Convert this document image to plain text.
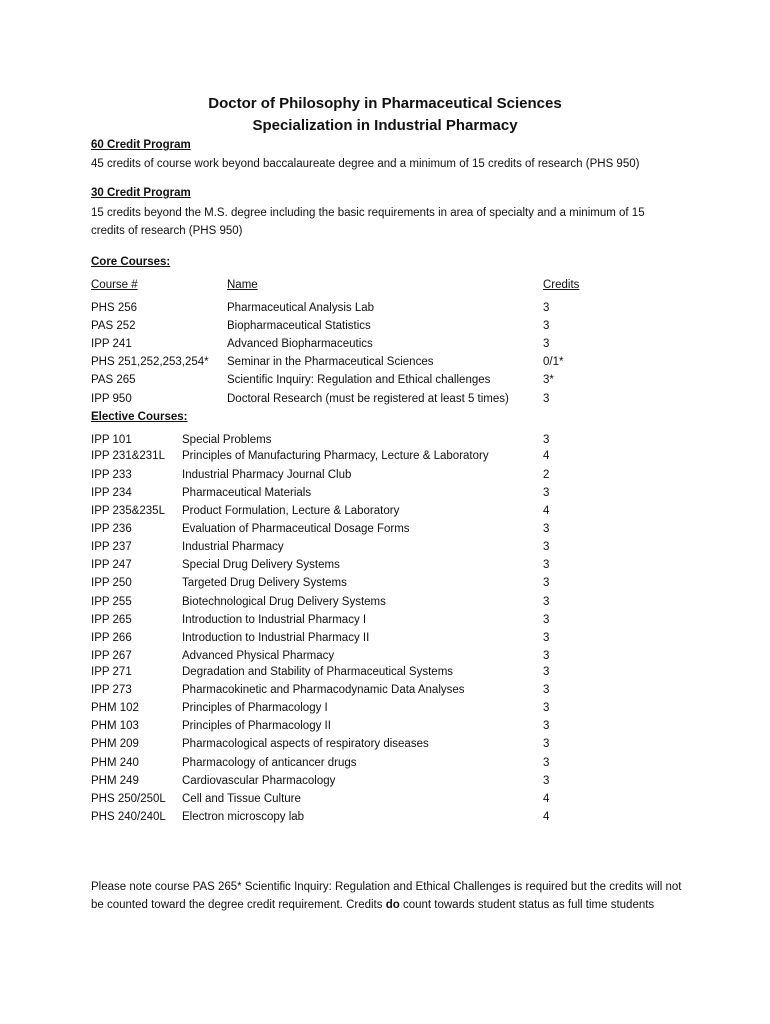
Doctor of Philosophy in Pharmaceutical Sciences
Specialization in Industrial Pharmacy
60 Credit Program
45 credits of course work beyond baccalaureate degree and a minimum of 15 credits of research (PHS 950)
30 Credit Program
15 credits beyond the M.S. degree including the basic requirements in area of specialty and a minimum of 15 credits of research (PHS 950)
Core Courses:
Course #	Name	Credits
PHS 256	Pharmaceutical Analysis Lab	3
PAS 252	Biopharmaceutical Statistics	3
IPP 241	Advanced Biopharmaceutics	3
PHS 251,252,253,254* Seminar in the Pharmaceutical Sciences	0/1*
PAS 265	Scientific Inquiry: Regulation and Ethical challenges	3*
IPP 950	Doctoral Research (must be registered at least 5 times)	3
Elective Courses:
IPP 101	Special Problems	3
IPP 231&231L Principles of Manufacturing Pharmacy, Lecture & Laboratory	4
IPP 233	Industrial Pharmacy Journal Club	2
IPP 234	Pharmaceutical Materials	3
IPP 235&235L Product Formulation, Lecture & Laboratory	4
IPP 236	Evaluation of Pharmaceutical Dosage Forms	3
IPP 237	Industrial Pharmacy	3
IPP 247	Special Drug Delivery Systems	3
IPP 250	Targeted Drug Delivery Systems	3
IPP 255	Biotechnological Drug Delivery Systems	3
IPP 265	Introduction to Industrial Pharmacy I	3
IPP 266	Introduction to Industrial Pharmacy II	3
IPP 267	Advanced Physical Pharmacy	3
IPP 271	Degradation and Stability of Pharmaceutical Systems	3
IPP 273	Pharmacokinetic and Pharmacodynamic Data Analyses	3
PHM 102	Principles of Pharmacology I	3
PHM 103	Principles of Pharmacology II	3
PHM 209	Pharmacological aspects of respiratory diseases	3
PHM 240	Pharmacology of anticancer drugs	3
PHM 249	Cardiovascular Pharmacology	3
PHS 250/250L Cell and Tissue Culture	4
PHS 240/240L Electron microscopy lab	4
Please note course PAS 265* Scientific Inquiry: Regulation and Ethical Challenges is required but the credits will not be counted toward the degree credit requirement. Credits do count towards student status as full time students
